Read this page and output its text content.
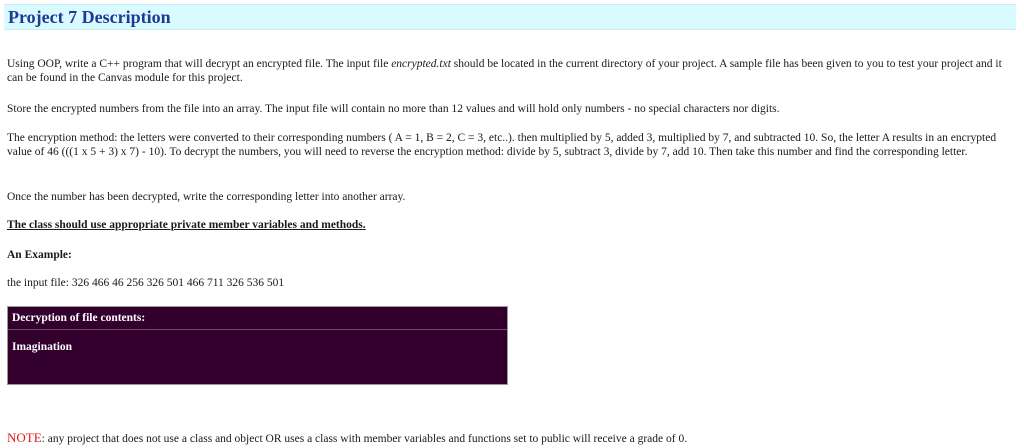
Project 7 Description

Using OOP, write a C++ program that will decrypt an encrypted file. The input file encrypted.txt should be located in the current directory of your project. A sample file has been given to you to test your project and it can be found in the Canvas module for this project.

Store the encrypted numbers from the file into an array. The input file will contain no more than 12 values and will hold only numbers - no special characters nor digits.

The encryption method: the letters were converted to their corresponding numbers ( A = 1, B = 2, C = 3, etc..). then multiplied by 5, added 3, multiplied by 7, and subtracted 10. So, the letter A results in an encrypted value of 46 (((1 x 5 + 3) x 7) - 10). To decrypt the numbers, you will need to reverse the encryption method: divide by 5, subtract 3, divide by 7, add 10. Then take this number and find the corresponding letter.

Once the number has been decrypted, write the corresponding letter into another array.

The class should use appropriate private member variables and methods.

An Example:

the input file: 326 466 46 256 326 501 466 711 326 536 501

Decryption of file contents:
Imagination

NOTE: any project that does not use a class and object OR uses a class with member variables and functions set to public will receive a grade of 0.
